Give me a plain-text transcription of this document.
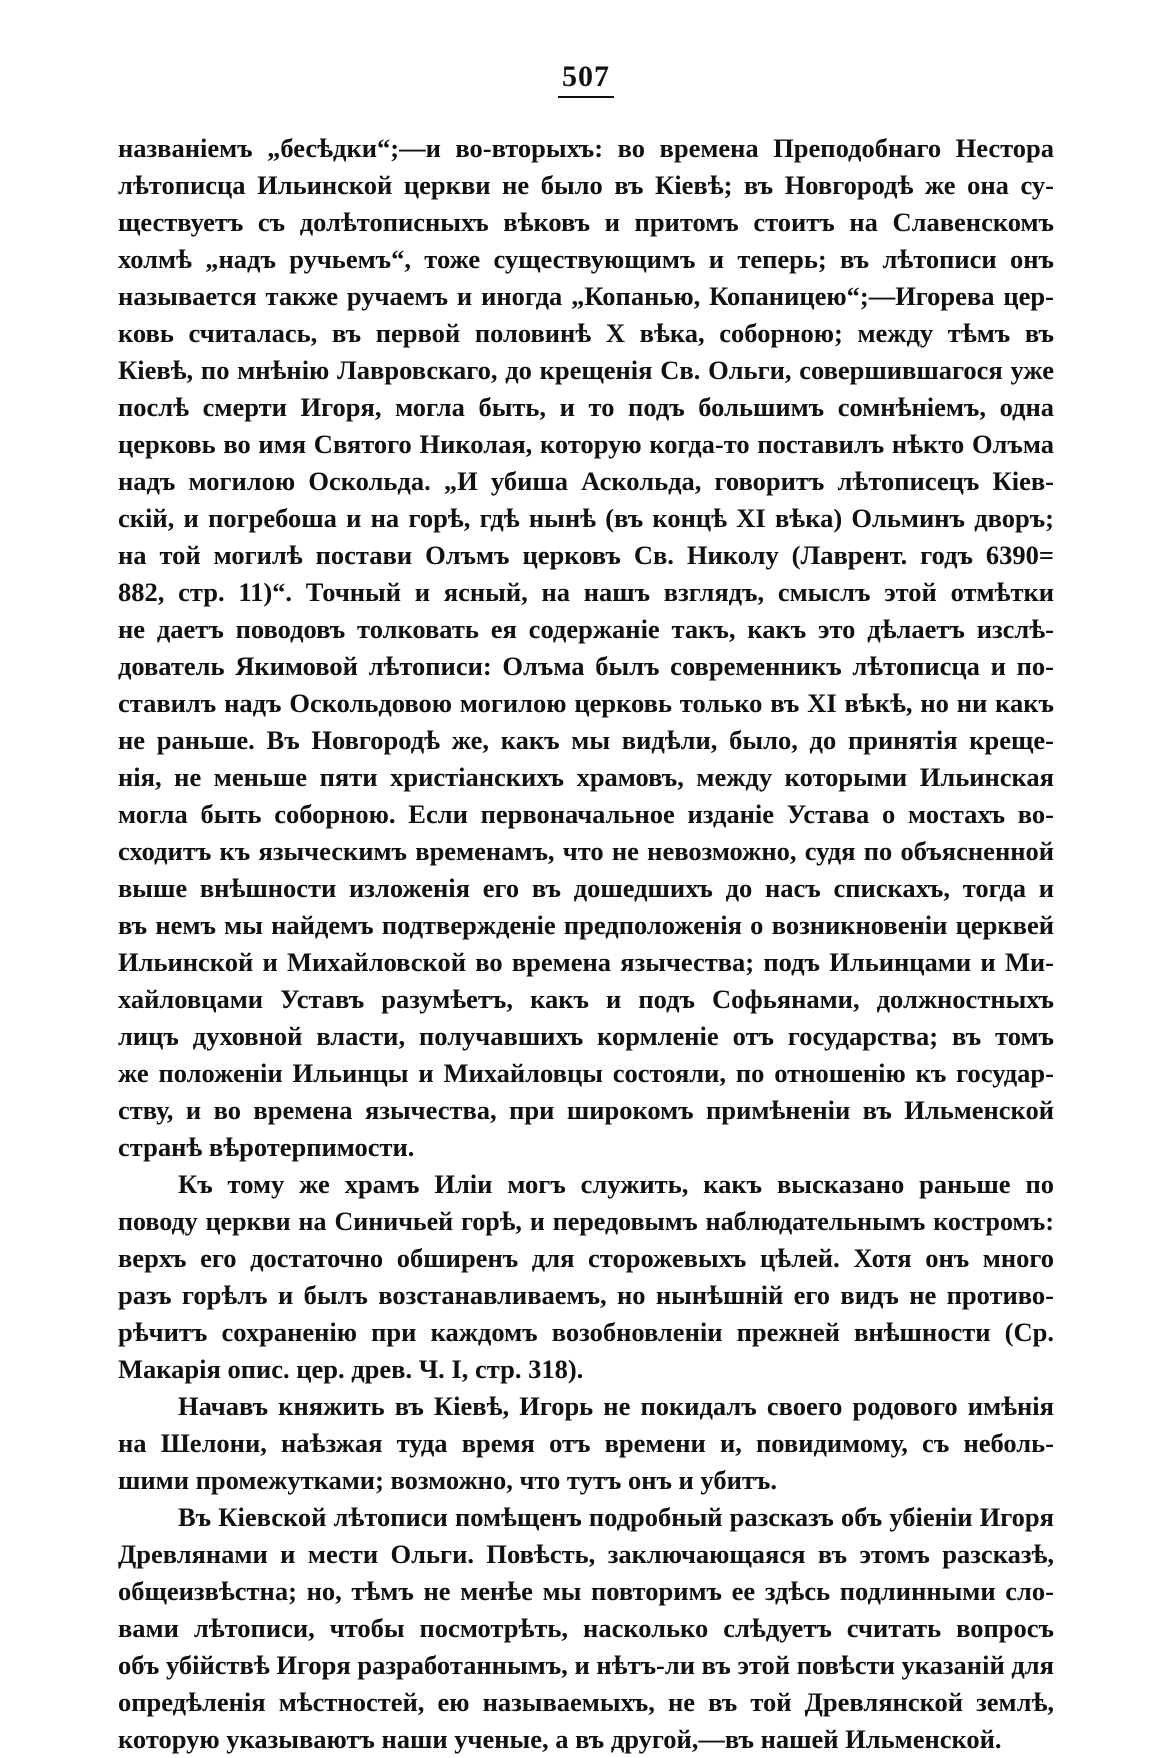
507
названіемъ „бесѣдки“;—и во-вторыхъ: во времена Преподобнаго Нестора
лѣтописца Ильинской церкви не было въ Кіевѣ; въ Новгородѣ же она су-
ществуетъ съ долѣтописныхъ вѣковъ и притомъ стоитъ на Славенскомъ
холмѣ „надъ ручьемъ“, тоже существующимъ и теперь; въ лѣтописи онъ
называется также ручаемъ и иногда „Копанью, Копаницею“;—Игорева цер-
ковь считалась, въ первой половинѣ X вѣка, соборною; между тѣмъ въ
Кіевѣ, по мнѣнію Лавровскаго, до крещенія Св. Ольги, совершившагося уже
послѣ смерти Игоря, могла быть, и то подъ большимъ сомнѣніемъ, одна
церковь во имя Святого Николая, которую когда-то поставилъ нѣкто Олъма
надъ могилою Оскольда. „И убиша Аскольда, говоритъ лѣтописецъ Кіев-
скій, и погребоша и на горѣ, гдѣ нынѣ (въ концѣ XI вѣка) Ольминъ дворъ;
на той могилѣ постави Олъмъ церковъ Св. Николу (Лаврент. годъ 6390=
882, стр. 11)“. Точный и ясный, на нашъ взглядъ, смыслъ этой отмѣтки
не даетъ поводовъ толковать ея содержаніе такъ, какъ это дѣлаетъ изслѣ-
дователь Якимовой лѣтописи: Олъма былъ современникъ лѣтописца и по-
ставилъ надъ Оскольдовою могилою церковь только въ XI вѣкѣ, но ни какъ
не раньше. Въ Новгородѣ же, какъ мы видѣли, было, до принятія креще-
нія, не меньше пяти христіанскихъ храмовъ, между которыми Ильинская
могла быть соборною. Если первоначальное изданіе Устава о мостахъ во-
сходитъ къ языческимъ временамъ, что не невозможно, судя по объясненной
выше внѣшности изложенія его въ дошедшихъ до насъ спискахъ, тогда и
въ немъ мы найдемъ подтвержденіе предположенія о возникновеніи церквей
Ильинской и Михайловской во времена язычества; подъ Ильинцами и Ми-
хайловцами Уставъ разумѣетъ, какъ и подъ Софьянами, должностныхъ
лицъ духовной власти, получавшихъ кормленіе отъ государства; въ томъ
же положеніи Ильинцы и Михайловцы состояли, по отношенію къ государ-
ству, и во времена язычества, при широкомъ примѣненіи въ Ильменской
странѣ вѣротерпимости.
Къ тому же храмъ Иліи могъ служить, какъ высказано раньше по
поводу церкви на Синичьей горѣ, и передовымъ наблюдательнымъ костромъ:
верхъ его достаточно обширенъ для сторожевыхъ цѣлей. Хотя онъ много
разъ горѣлъ и былъ возстанавливаемъ, но нынѣшній его видъ не противо-
рѣчитъ сохраненію при каждомъ возобновленіи прежней внѣшности (Ср.
Макарія опис. цер. древ. Ч. I, стр. 318).
Начавъ княжить въ Кіевѣ, Игорь не покидалъ своего родового имѣнія
на Шелони, наѣзжая туда время отъ времени и, повидимому, съ неболь-
шими промежутками; возможно, что тутъ онъ и убитъ.
Въ Кіевской лѣтописи помѣщенъ подробный разсказъ объ убіеніи Игоря
Древлянами и мести Ольги. Повѣсть, заключающаяся въ этомъ разсказѣ,
общеизвѣстна; но, тѣмъ не менѣе мы повторимъ ее здѣсь подлинными сло-
вами лѣтописи, чтобы посмотрѣть, насколько слѣдуетъ считать вопросъ
объ убійствѣ Игоря разработаннымъ, и нѣтъ-ли въ этой повѣсти указаній для
опредѣленія мѣстностей, ею называемыхъ, не въ той Древлянской землѣ,
которую указываютъ наши ученые, а въ другой,—въ нашей Ильменской.
